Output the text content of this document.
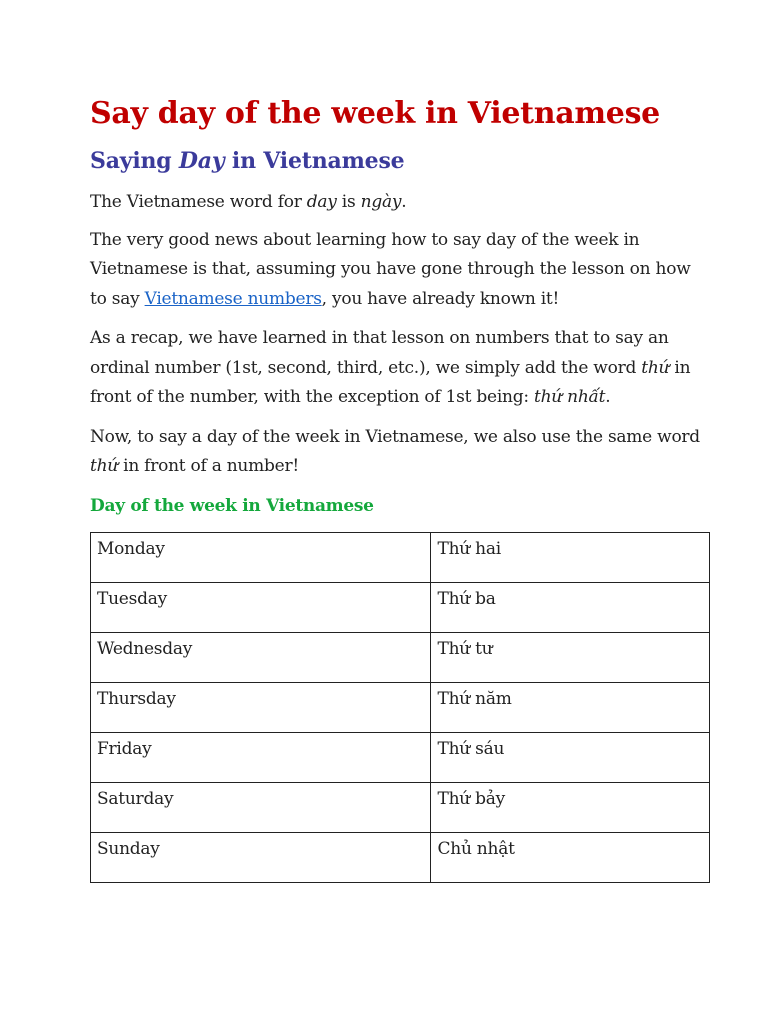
Say day of the week in Vietnamese
Saying Day in Vietnamese

The Vietnamese word for day is ngày.

The very good news about learning how to say day of the week in Vietnamese is that, assuming you have gone through the lesson on how to say Vietnamese numbers, you have already known it!

As a recap, we have learned in that lesson on numbers that to say an ordinal number (1st, second, third, etc.), we simply add the word thứ in front of the number, with the exception of 1st being: thứ nhất.

Now, to say a day of the week in Vietnamese, we also use the same word thứ in front of a number!

Day of the week in Vietnamese
Monday	Thứ hai
Tuesday	Thứ ba
Wednesday	Thứ tư
Thursday	Thứ năm
Friday	Thứ sáu
Saturday	Thứ bảy
Sunday	Chủ nhật
